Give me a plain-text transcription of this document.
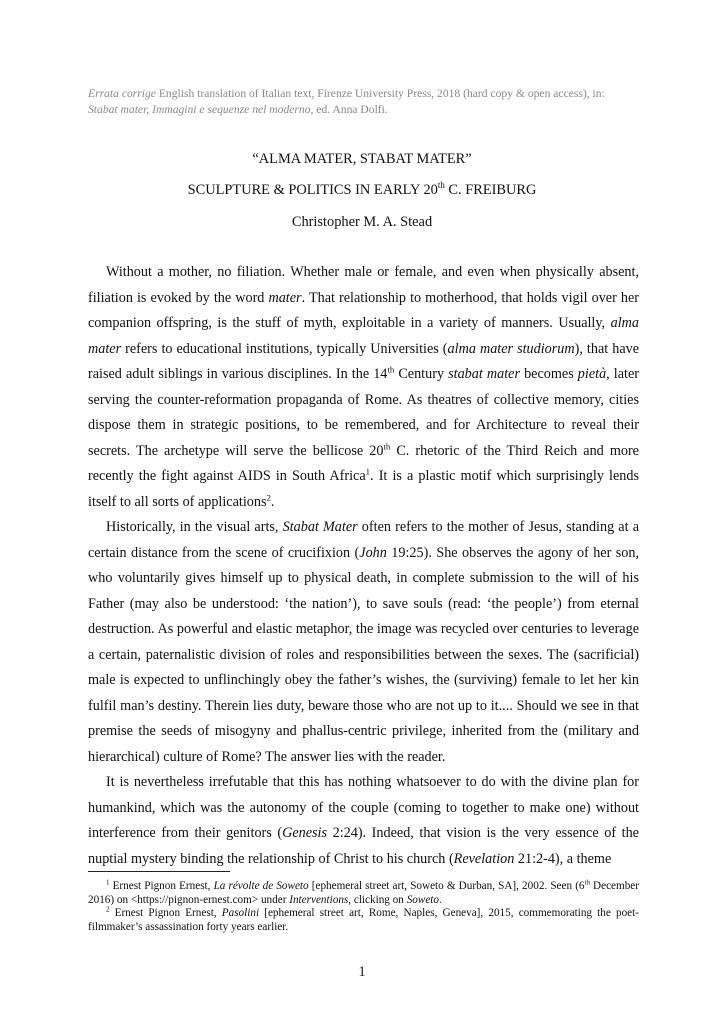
Errata corrige English translation of Italian text, Firenze University Press, 2018 (hard copy & open access), in:
Stabat mater, Immagini e sequenze nel moderno, ed. Anna Dolfi.
“ALMA MATER, STABAT MATER”
SCULPTURE & POLITICS IN EARLY 20th C. FREIBURG
Christopher M. A. Stead

Without a mother, no filiation. Whether male or female, and even when physically absent, filiation is evoked by the word mater. That relationship to motherhood, that holds vigil over her companion offspring, is the stuff of myth, exploitable in a variety of manners. Usually, alma mater refers to educational institutions, typically Universities (alma mater studiorum), that have raised adult siblings in various disciplines. In the 14th Century stabat mater becomes pietà, later serving the counter-reformation propaganda of Rome. As theatres of collective memory, cities dispose them in strategic positions, to be remembered, and for Architecture to reveal their secrets. The archetype will serve the bellicose 20th C. rhetoric of the Third Reich and more recently the fight against AIDS in South Africa$^1$. It is a plastic motif which surprisingly lends itself to all sorts of applications$^2$.

Historically, in the visual arts, Stabat Mater often refers to the mother of Jesus, standing at a certain distance from the scene of crucifixion (John 19:25). She observes the agony of her son, who voluntarily gives himself up to physical death, in complete submission to the will of his Father (may also be understood: ‘the nation’), to save souls (read: ‘the people’) from eternal destruction. As powerful and elastic metaphor, the image was recycled over centuries to leverage a certain, paternalistic division of roles and responsibilities between the sexes. The (sacrificial) male is expected to unflinchingly obey the father’s wishes, the (surviving) female to let her kin fulfil man’s destiny. Therein lies duty, beware those who are not up to it.... Should we see in that premise the seeds of misogyny and phallus-centric privilege, inherited from the (military and hierarchical) culture of Rome? The answer lies with the reader.

It is nevertheless irrefutable that this has nothing whatsoever to do with the divine plan for humankind, which was the autonomy of the couple (coming to together to make one) without interference from their genitors (Genesis 2:24). Indeed, that vision is the very essence of the nuptial mystery binding the relationship of Christ to his church (Revelation 21:2-4), a theme

$^1$ Ernest Pignon Ernest, La révolte de Soweto [ephemeral street art, Soweto & Durban, SA], 2002. Seen (6th December 2016) on <https://pignon-ernest.com> under Interventions, clicking on Soweto.

$^2$ Ernest Pignon Ernest, Pasolini [ephemeral street art, Rome, Naples, Geneva], 2015, commemorating the poet-filmmaker’s assassination forty years earlier.

1
